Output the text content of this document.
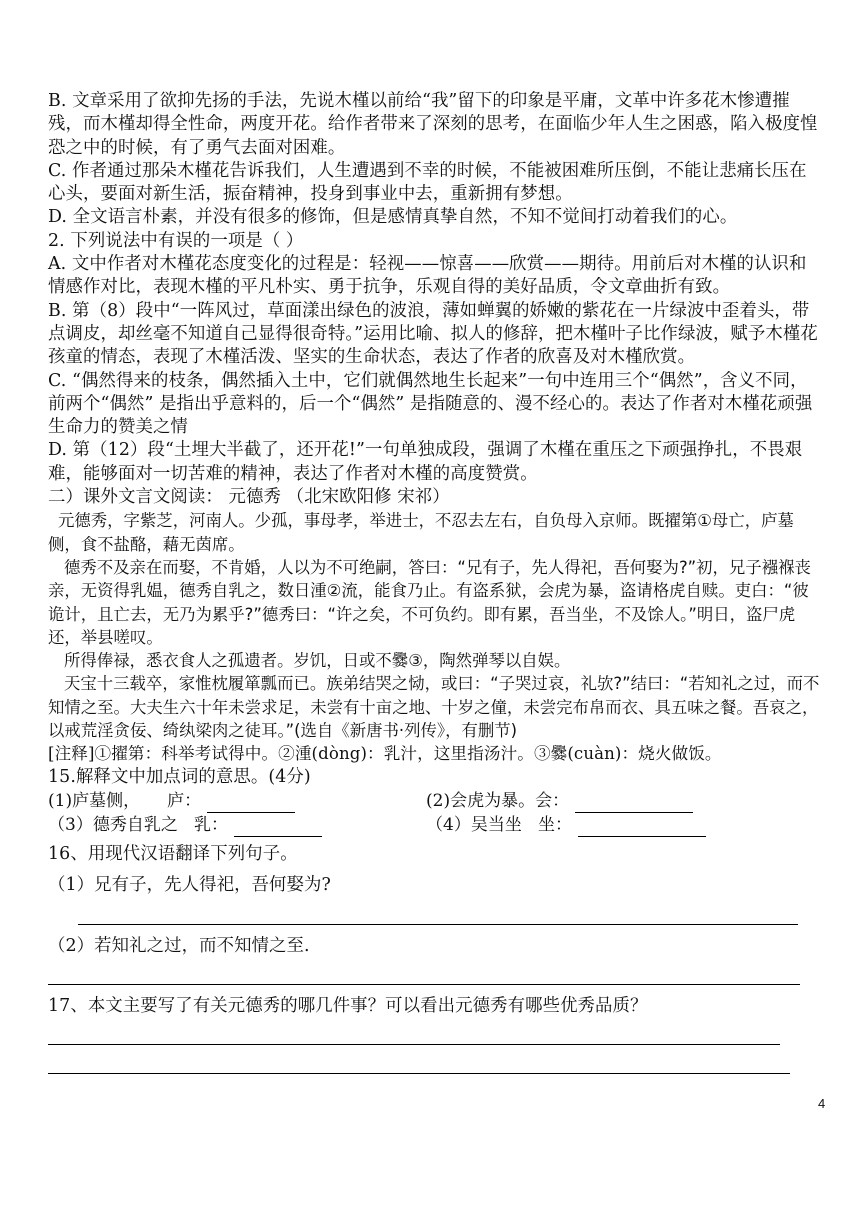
B. 文章采用了欲抑先扬的手法，先说木槿以前给“我”留下的印象是平庸，文革中许多花木惨遭摧残，而木槿却得全性命，两度开花。给作者带来了深刻的思考，在面临少年人生之困惑，陷入极度惶恐之中的时候，有了勇气去面对困难。

C. 作者通过那朵木槿花告诉我们，人生遭遇到不幸的时候，不能被困难所压倒，不能让悲痛长压在心头，要面对新生活，振奋精神，投身到事业中去，重新拥有梦想。

D. 全文语言朴素，并没有很多的修饰，但是感情真挚自然，不知不觉间打动着我们的心。

2. 下列说法中有误的一项是（ ）

A. 文中作者对木槿花态度变化的过程是：轻视——惊喜——欣赏——期待。用前后对木槿的认识和情感作对比，表现木槿的平凡朴实、勇于抗争，乐观自得的美好品质，令文章曲折有致。

B. 第（8）段中“一阵风过，草面漾出绿色的波浪，薄如蝉翼的娇嫩的紫花在一片绿波中歪着头，带点调皮，却丝毫不知道自己显得很奇特。”运用比喻、拟人的修辞，把木槿叶子比作绿波，赋予木槿花孩童的情态，表现了木槿活泼、坚实的生命状态，表达了作者的欣喜及对木槿欣赏。

C. “偶然得来的枝条，偶然插入土中，它们就偶然地生长起来”一句中连用三个“偶然”，含义不同，前两个“偶然” 是指出乎意料的，后一个“偶然” 是指随意的、漫不经心的。表达了作者对木槿花顽强生命力的赞美之情

D. 第（12）段“土埋大半截了，还开花!”一句单独成段，强调了木槿在重压之下顽强挣扎，不畏艰难，能够面对一切苦难的精神，表达了作者对木槿的高度赞赏。

二）课外文言文阅读： 元德秀 （北宋欧阳修 宋祁）

元德秀，字紫芝，河南人。少孤，事母孝，举进士，不忍去左右，自负母入京师。既擢第①母亡，庐墓侧，食不盐酪，藉无茵席。

德秀不及亲在而娶，不肯婚，人以为不可绝嗣，答曰：“兄有子，先人得祀，吾何娶为?”初，兄子襁褓丧亲，无资得乳媪，德秀自乳之，数日湩②流，能食乃止。有盗系狱，会虎为暴，盗请格虎自赎。吏白：“彼诡计，且亡去，无乃为累乎?”德秀曰：“许之矣，不可负约。即有累，吾当坐，不及馀人。”明日，盗尸虎还，举县嗟叹。

所得俸禄，悉衣食人之孤遗者。岁饥，日或不爨③，陶然弹琴以自娱。

天宝十三载卒，家惟枕履箪瓢而已。族弟结哭之恸，或曰：“子哭过哀，礼欤?”结曰：“若知礼之过，而不知情之至。大夫生六十年未尝求足，未尝有十亩之地、十岁之僮，未尝完布帛而衣、具五味之餐。吾哀之，以戒荒淫贪佞、绮纨梁肉之徒耳。”(选自《新唐书·列传》，有删节)

[注释]①擢第：科举考试得中。②湩(dòng)：乳汁，这里指汤汁。③爨(cuàn)：烧火做饭。

15.解释文中加点词的意思。(4分)

(1)庐墓侧，     庐：	(2)会虎为暴。会：
（3）德秀自乳之   乳：	（4）吴当坐   坐：

16、用现代汉语翻译下列句子。

（1）兄有子，先人得祀，吾何娶为?

（2）若知礼之过，而不知情之至.

17、本文主要写了有关元德秀的哪几件事？可以看出元德秀有哪些优秀品质？

4
